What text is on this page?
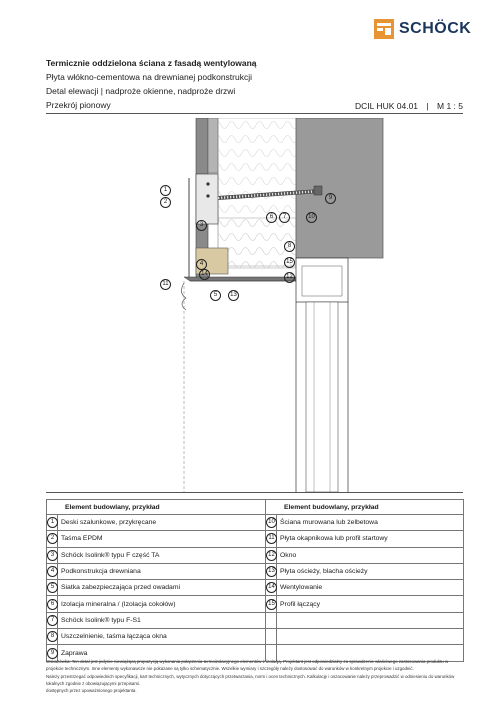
SCHÖCK
Termicznie oddzielona ściana z fasadą wentylowaną
Płyta włókno-cementowa na drewnianej podkonstrukcji
Detal elewacji | nadproże okienne, nadproże drzwi
Przekrój pionowy	DCIL HUK 04.01 | M 1 : 5
1
2
3
4
5
6	7
8
9
10
11
12
13
14
15
Element budowlany, przykład		Element budowlany, przykład	
1	Deski szalunkowe, przykręcane	10	Ściana murowana lub żelbetowa
2	Taśma EPDM	11	Płyta okapnikowa lub profil startowy
3	Schöck Isolink® typu F część TA	12	Okno
4	Podkonstrukcja drewniana	13	Płyta ościeży, blacha ościeży
5	Siatka zabezpieczająca przed owadami	14	Wentylowanie
6	Izolacja mineralna / (Izolacja cokołów)	15	Profil łączący
7	Schöck Isolink® typu F-S1		
8	Uszczelnienie, taśma łącząca okna		
9	Zaprawa		
Wskazówka: Ten detal jest jedynie niewiążącą propozycją wykonania połączenia termoizolacyjnego elementów z izolacją. Projektant jest odpowiedzialny za sprawdzenie właściwego zastosowania produktu w projekcie technicznym. Inne elementy wykonawcze nie pokazane są tylko schematycznie. Wszelkie wymiary i szczegóły należy dostosować do warunków w konkretnym projekcie i uzgodnić.
Należy przestrzegać odpowiednich specyfikacji, kart technicznych, wytycznych dotyczących przetwarzania, norm i ocen technicznych. Kalkulację i oszacowanie należy przeprowadzić w odniesieniu do warunków lokalnych zgodnie z obowiązującymi przepisami.
dostępnych przez upoważnionego projektanta.
